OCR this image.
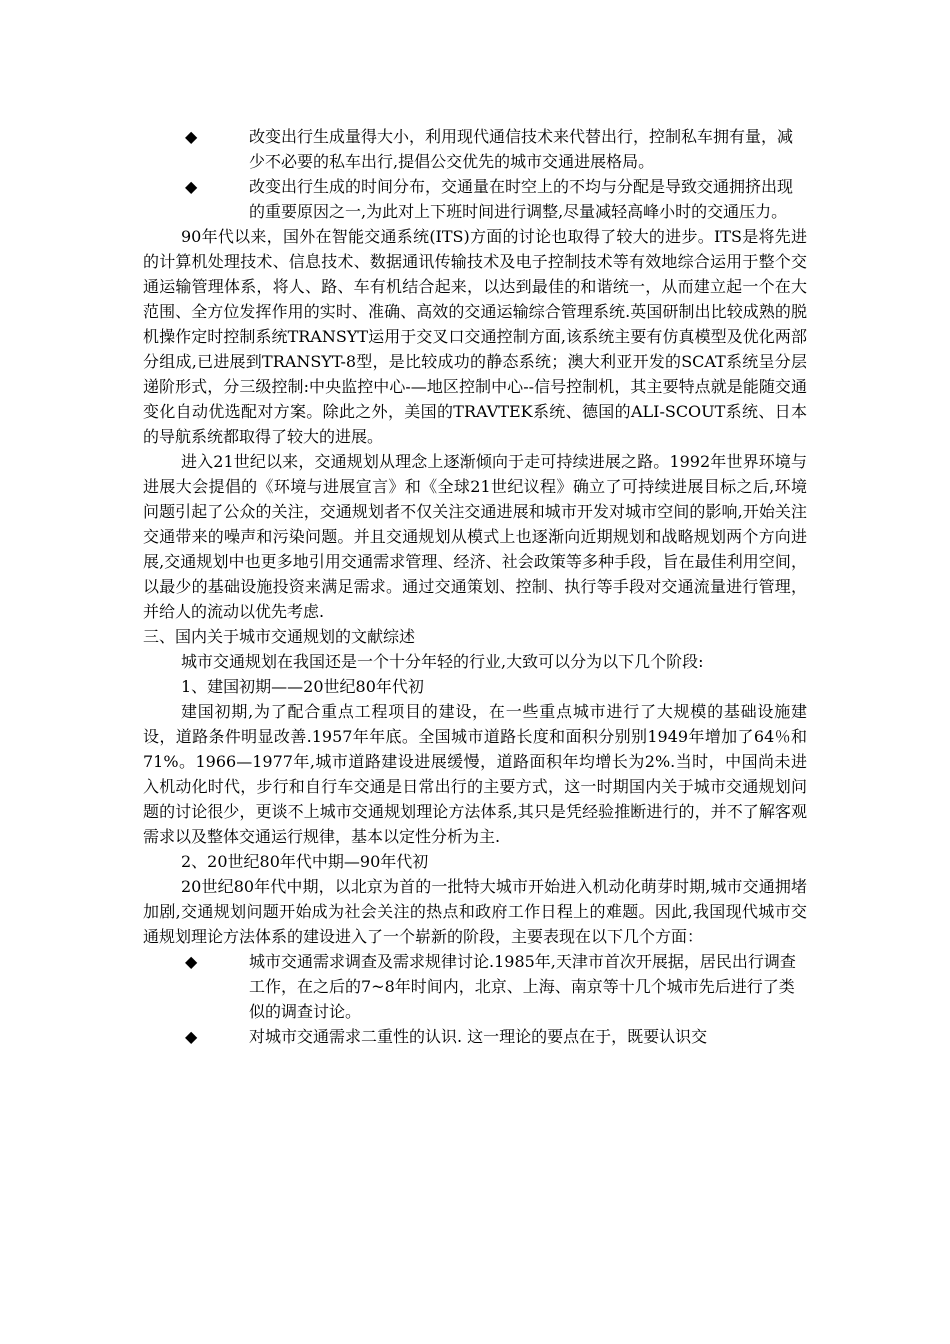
◆	改变出行生成量得大小，利用现代通信技术来代替出行，控制私车拥有量，减少不必要的私车出行,提倡公交优先的城市交通进展格局。
◆	改变出行生成的时间分布，交通量在时空上的不均与分配是导致交通拥挤出现的重要原因之一,为此对上下班时间进行调整,尽量减轻高峰小时的交通压力。

90年代以来，国外在智能交通系统(ITS)方面的讨论也取得了较大的进步。ITS是将先进的计算机处理技术、信息技术、数据通讯传输技术及电子控制技术等有效地综合运用于整个交通运输管理体系，将人、路、车有机结合起来，以达到最佳的和谐统一，从而建立起一个在大范围、全方位发挥作用的实时、准确、高效的交通运输综合管理系统.英国研制出比较成熟的脱机操作定时控制系统TRANSYT运用于交叉口交通控制方面,该系统主要有仿真模型及优化两部分组成,已进展到TRANSYT-8型，是比较成功的静态系统；澳大利亚开发的SCAT系统呈分层递阶形式，分三级控制:中央监控中心-—地区控制中心--信号控制机，其主要特点就是能随交通变化自动优选配对方案。除此之外，美国的TRAVTEK系统、德国的ALI-SCOUT系统、日本的导航系统都取得了较大的进展。

进入21世纪以来，交通规划从理念上逐渐倾向于走可持续进展之路。1992年世界环境与进展大会提倡的《环境与进展宣言》和《全球21世纪议程》确立了可持续进展目标之后,环境问题引起了公众的关注，交通规划者不仅关注交通进展和城市开发对城市空间的影响,开始关注交通带来的噪声和污染问题。并且交通规划从模式上也逐渐向近期规划和战略规划两个方向进展,交通规划中也更多地引用交通需求管理、经济、社会政策等多种手段，旨在最佳利用空间，以最少的基础设施投资来满足需求。通过交通策划、控制、执行等手段对交通流量进行管理，并给人的流动以优先考虑.

三、国内关于城市交通规划的文献综述
城市交通规划在我国还是一个十分年轻的行业,大致可以分为以下几个阶段:
1、建国初期——20世纪80年代初

建国初期,为了配合重点工程项目的建设，在一些重点城市进行了大规模的基础设施建设，道路条件明显改善.1957年年底。全国城市道路长度和面积分别别1949年增加了64％和71%。1966—1977年,城市道路建设进展缓慢，道路面积年均增长为2%.当时，中国尚未进入机动化时代，步行和自行车交通是日常出行的主要方式，这一时期国内关于城市交通规划问题的讨论很少，更谈不上城市交通规划理论方法体系,其只是凭经验推断进行的，并不了解客观需求以及整体交通运行规律，基本以定性分析为主.

2、20世纪80年代中期—90年代初

20世纪80年代中期，以北京为首的一批特大城市开始进入机动化萌芽时期,城市交通拥堵加剧,交通规划问题开始成为社会关注的热点和政府工作日程上的难题。因此,我国现代城市交通规划理论方法体系的建设进入了一个崭新的阶段，主要表现在以下几个方面：

◆	城市交通需求调查及需求规律讨论.1985年,天津市首次开展据，居民出行调查工作，在之后的7~8年时间内，北京、上海、南京等十几个城市先后进行了类似的调查讨论。
◆	对城市交通需求二重性的认识. 这一理论的要点在于，既要认识交
